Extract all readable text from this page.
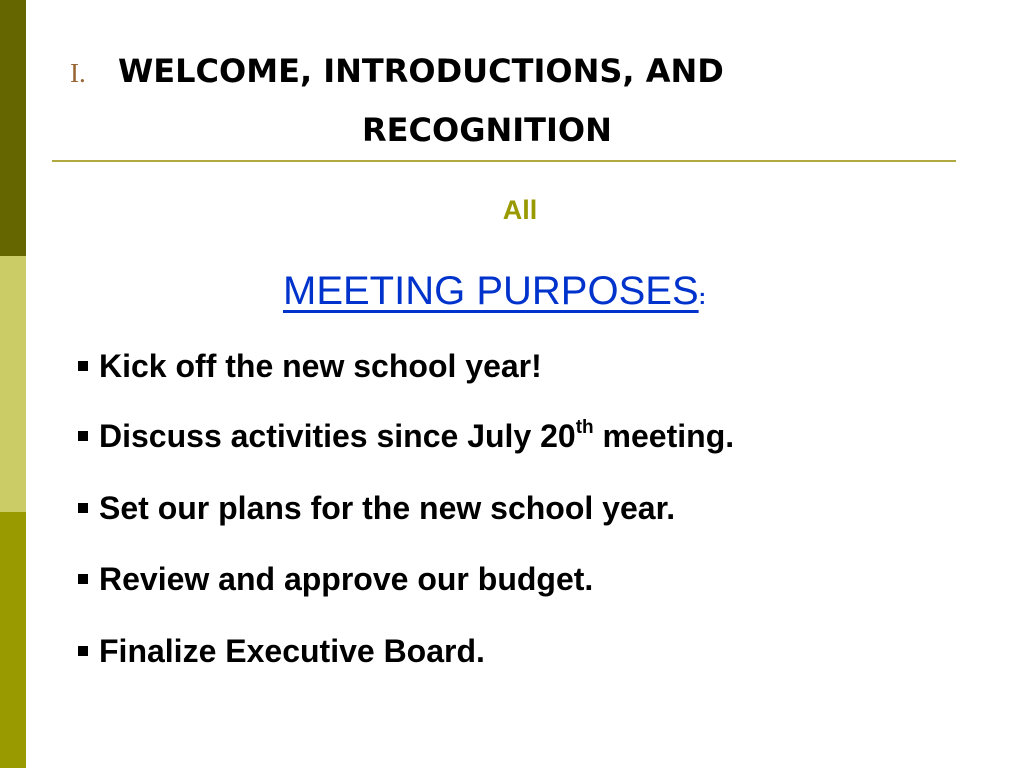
I. WELCOME, INTRODUCTIONS, AND
RECOGNITION
All
MEETING PURPOSES:
Kick off the new school year!
Discuss activities since July 20th meeting.
Set our plans for the new school year.
Review and approve our budget.
Finalize Executive Board.
